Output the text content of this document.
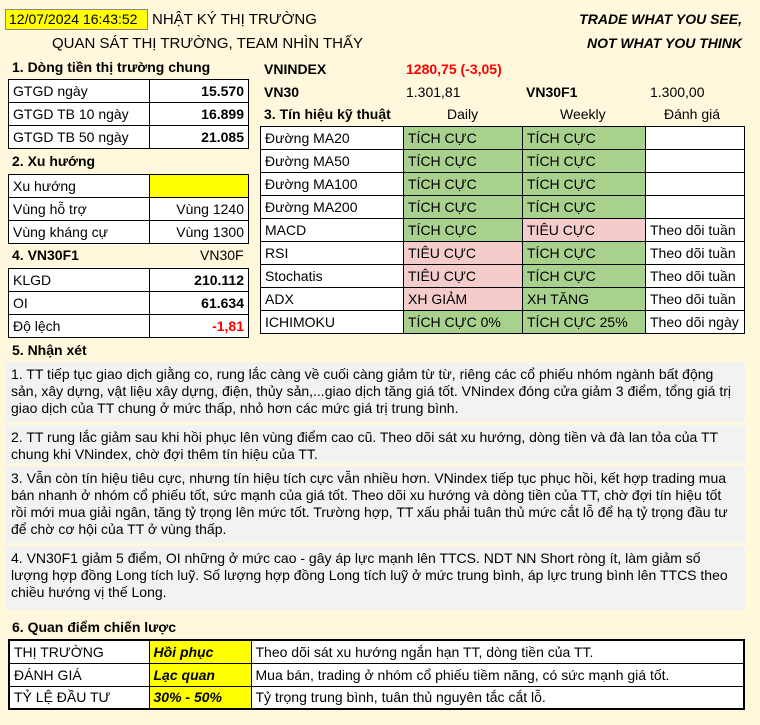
12/07/2024 16:43:52 NHẬT KÝ THỊ TRƯỜNG
QUAN SÁT THỊ TRƯỜNG, TEAM NHÌN THẤY
TRADE WHAT YOU SEE,
NOT WHAT YOU THINK
1. Dòng tiền thị trường chung
GTGD ngày	15.570
GTGD TB 10 ngày	16.899
GTGD TB 50 ngày	21.085
2. Xu hướng
Xu hướng	
Vùng hỗ trợ	Vùng 1240
Vùng kháng cự	Vùng 1300
4. VN30F1	VN30F
KLGD	210.112
OI	61.634
Độ lệch	-1,81
VNINDEX	1280,75 (-3,05)
VN30	1.301,81	VN30F1	1.300,00
3. Tín hiệu kỹ thuật	Daily	Weekly	Đánh giá
Đường MA20	TÍCH CỰC	TÍCH CỰC	
Đường MA50	TÍCH CỰC	TÍCH CỰC	
Đường MA100	TÍCH CỰC	TÍCH CỰC	
Đường MA200	TÍCH CỰC	TÍCH CỰC	
MACD	TÍCH CỰC	TIÊU CỰC	Theo dõi tuần
RSI	TIÊU CỰC	TÍCH CỰC	Theo dõi tuần
Stochatis	TIÊU CỰC	TÍCH CỰC	Theo dõi tuần
ADX	XH GIẢM	XH TĂNG	Theo dõi tuần
ICHIMOKU	TÍCH CỰC 0%	TÍCH CỰC 25%	Theo dõi ngày
5. Nhận xét
1. TT tiếp tục giao dịch giằng co, rung lắc càng về cuối càng giảm từ từ, riêng các cổ phiếu nhóm ngành bất động sản, xây dựng, vật liệu xây dựng, điện, thủy sản,...giao dịch tăng giá tốt. VNindex đóng cửa giảm 3 điểm, tổng giá trị giao dịch của TT chung ở mức thấp, nhỏ hơn các mức giá trị trung bình.
2. TT rung lắc giảm sau khi hồi phục lên vùng điểm cao cũ. Theo dõi sát xu hướng, dòng tiền và đà lan tỏa của TT chung khi VNindex, chờ đợi thêm tín hiệu của TT.
3. Vẫn còn tín hiệu tiêu cực, nhưng tín hiệu tích cực vẫn nhiều hơn. VNindex tiếp tục phục hồi, kết hợp trading mua bán nhanh ở nhóm cổ phiếu tốt, sức mạnh của giá tốt. Theo dõi xu hướng và dòng tiền của TT, chờ đợi tín hiệu tốt rồi mới mua giải ngân, tăng tỷ trọng lên mức tốt. Trường hợp, TT xấu phải tuân thủ mức cắt lỗ để hạ tỷ trọng đầu tư để chờ cơ hội của TT ở vùng thấp.
4. VN30F1 giảm 5 điểm, OI những ở mức cao - gây áp lực mạnh lên TTCS. NDT NN Short ròng ít, làm giảm số lượng hợp đồng Long tích luỹ. Số lượng hợp đồng Long tích luỹ ở mức trung bình, áp lực trung bình lên TTCS theo chiều hướng vị thế Long.
6. Quan điểm chiến lược
THỊ TRƯỜNG	Hồi phục	Theo dõi sát xu hướng ngắn hạn TT, dòng tiền của TT.
ĐÁNH GIÁ	Lạc quan	Mua bán, trading ở nhóm cổ phiếu tiềm năng, có sức mạnh giá tốt.
TỶ LỆ ĐẦU TƯ	30% - 50%	Tỷ trọng trung bình, tuân thủ nguyên tắc cắt lỗ.
